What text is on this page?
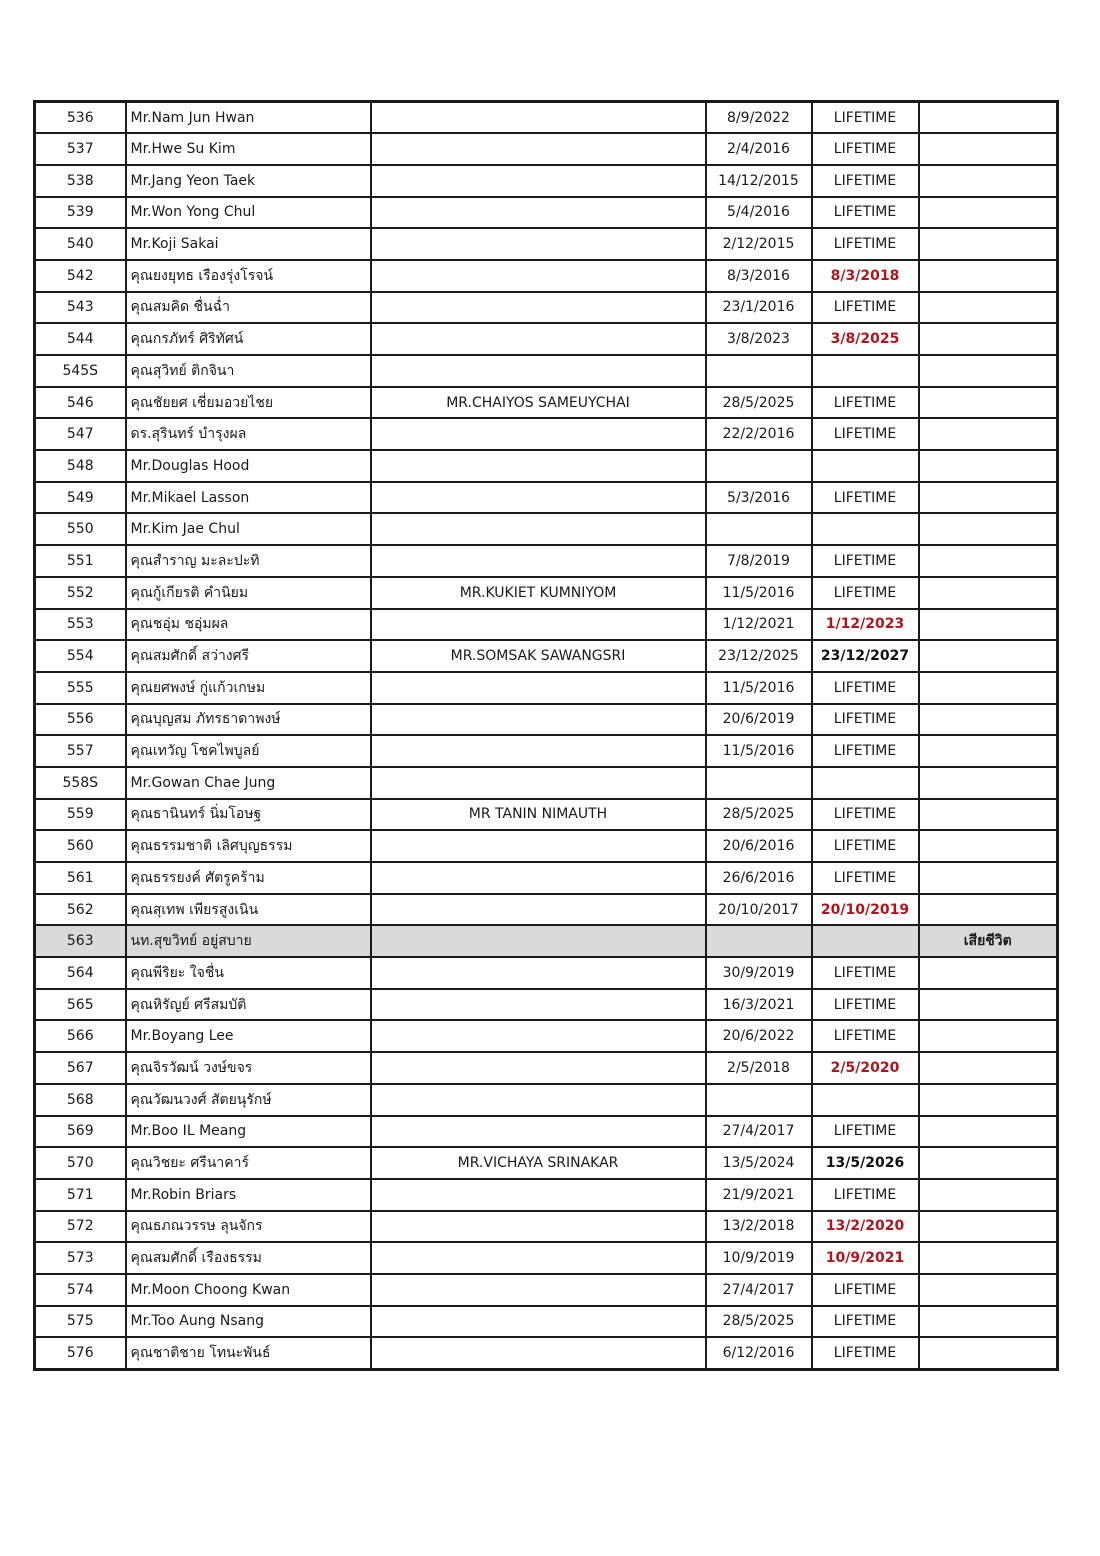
536	Mr.Nam Jun Hwan		8/9/2022	LIFETIME	
537	Mr.Hwe Su Kim		2/4/2016	LIFETIME	
538	Mr.Jang Yeon Taek		14/12/2015	LIFETIME	
539	Mr.Won Yong Chul		5/4/2016	LIFETIME	
540	Mr.Koji Sakai		2/12/2015	LIFETIME	
542	คุณยงยุทธ เรืองรุ่งโรจน์		8/3/2016	8/3/2018	
543	คุณสมคิด ชื่นฉ่ำ		23/1/2016	LIFETIME	
544	คุณกรภัทร์ ศิริทัศน์		3/8/2023	3/8/2025	
545S	คุณสุวิทย์ ติกจินา				
546	คุณชัยยศ เชี่ยมอวยไชย	MR.CHAIYOS SAMEUYCHAI	28/5/2025	LIFETIME	
547	ดร.สุรินทร์ บำรุงผล		22/2/2016	LIFETIME	
548	Mr.Douglas Hood				
549	Mr.Mikael Lasson		5/3/2016	LIFETIME	
550	Mr.Kim Jae Chul				
551	คุณสำราญ มะละปะทิ		7/8/2019	LIFETIME	
552	คุณกู้เกียรติ คำนิยม	MR.KUKIET KUMNIYOM	11/5/2016	LIFETIME	
553	คุณชอุ่ม ชอุ่มผล		1/12/2021	1/12/2023	
554	คุณสมศักดิ์ สว่างศรี	MR.SOMSAK SAWANGSRI	23/12/2025	23/12/2027	
555	คุณยศพงษ์ กู่แก้วเกษม		11/5/2016	LIFETIME	
556	คุณบุญสม ภัทรธาดาพงษ์		20/6/2019	LIFETIME	
557	คุณเทวัญ โชคไพบูลย์		11/5/2016	LIFETIME	
558S	Mr.Gowan Chae Jung				
559	คุณธานินทร์ นิ่มโอษฐ	MR TANIN NIMAUTH	28/5/2025	LIFETIME	
560	คุณธรรมชาติ เลิศบุญธรรม		20/6/2016	LIFETIME	
561	คุณธรรยงค์ ศัตรูคร้าม		26/6/2016	LIFETIME	
562	คุณสุเทพ เพียรสูงเนิน		20/10/2017	20/10/2019	
563	นท.สุขวิทย์ อยู่สบาย				เสียชีวิต
564	คุณพีริยะ ใจชื่น		30/9/2019	LIFETIME	
565	คุณหิรัญย์ ศรีสมบัติ		16/3/2021	LIFETIME	
566	Mr.Boyang Lee		20/6/2022	LIFETIME	
567	คุณจิรวัฒน์ วงษ์ขจร		2/5/2018	2/5/2020	
568	คุณวัฒนวงศ์ สัตยนุรักษ์				
569	Mr.Boo IL Meang		27/4/2017	LIFETIME	
570	คุณวิชยะ ศรีนาคาร์	MR.VICHAYA SRINAKAR	13/5/2024	13/5/2026	
571	Mr.Robin Briars		21/9/2021	LIFETIME	
572	คุณธภณวรรษ ลุนจักร		13/2/2018	13/2/2020	
573	คุณสมศักดิ์ เรืองธรรม		10/9/2019	10/9/2021	
574	Mr.Moon Choong Kwan		27/4/2017	LIFETIME	
575	Mr.Too Aung Nsang		28/5/2025	LIFETIME	
576	คุณชาติชาย โทนะพันธ์		6/12/2016	LIFETIME	
